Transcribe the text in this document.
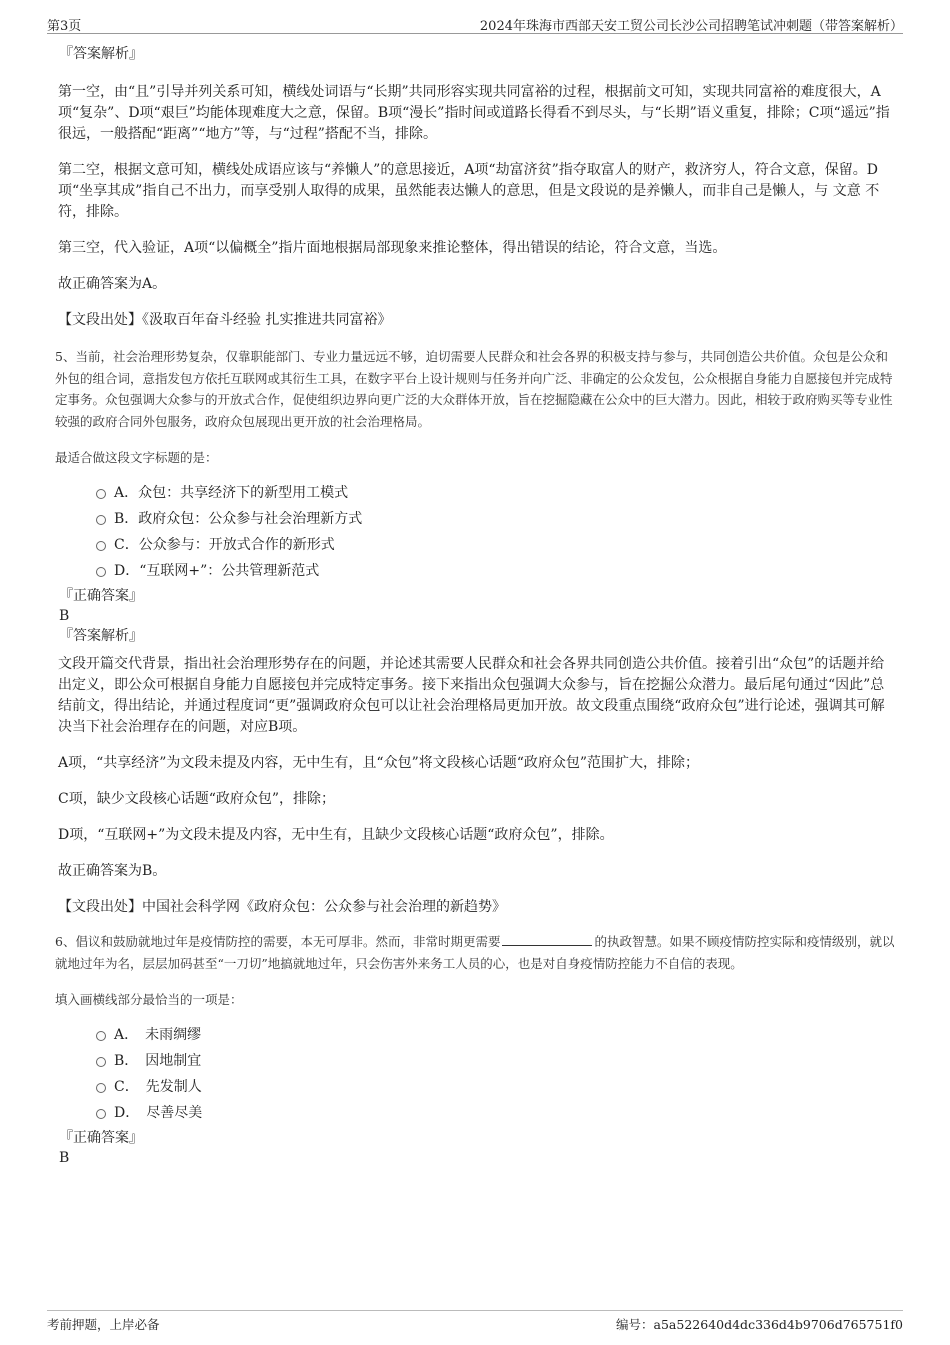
第3页	2024年珠海市西部天安工贸公司长沙公司招聘笔试冲刺题（带答案解析）
『答案解析』

第一空，由“且”引导并列关系可知，横线处词语与“长期”共同形容实现共同富裕的过程，根据前文可知，实现共同富裕的难度很大，A项“复杂”、D项“艰巨”均能体现难度大之意，保留。B项“漫长”指时间或道路长得看不到尽头，与“长期”语义重复，排除；C项“遥远”指很远，一般搭配“距离”“地方”等，与“过程”搭配不当，排除。

第二空，根据文意可知，横线处成语应该与“养懒人”的意思接近，A项“劫富济贫”指夺取富人的财产，救济穷人，符合文意，保留。D项“坐享其成”指自己不出力，而享受别人取得的成果，虽然能表达懒人的意思，但是文段说的是养懒人，而非自己是懒人，与 文意 不符，排除。

第三空，代入验证，A项“以偏概全”指片面地根据局部现象来推论整体，得出错误的结论，符合文意，当选。

故正确答案为A。

【文段出处】《汲取百年奋斗经验 扎实推进共同富裕》

5、当前，社会治理形势复杂，仅靠职能部门、专业力量远远不够，迫切需要人民群众和社会各界的积极支持与参与，共同创造公共价值。众包是公众和外包的组合词，意指发包方依托互联网或其衍生工具，在数字平台上设计规则与任务并向广泛、非确定的公众发包，公众根据自身能力自愿接包并完成特定事务。众包强调大众参与的开放式合作，促使组织边界向更广泛的大众群体开放，旨在挖掘隐藏在公众中的巨大潜力。因此，相较于政府购买等专业性较强的政府合同外包服务，政府众包展现出更开放的社会治理格局。

最适合做这段文字标题的是：

A．众包：共享经济下的新型用工模式
B．政府众包：公众参与社会治理新方式
C．公众参与：开放式合作的新形式
D．“互联网+”：公共管理新范式
『正确答案』
B
『答案解析』

文段开篇交代背景，指出社会治理形势存在的问题，并论述其需要人民群众和社会各界共同创造公共价值。接着引出“众包”的话题并给出定义，即公众可根据自身能力自愿接包并完成特定事务。接下来指出众包强调大众参与，旨在挖掘公众潜力。最后尾句通过“因此”总结前文，得出结论，并通过程度词“更”强调政府众包可以让社会治理格局更加开放。故文段重点围绕“政府众包”进行论述，强调其可解决当下社会治理存在的问题，对应B项。

A项，“共享经济”为文段未提及内容，无中生有，且“众包”将文段核心话题“政府众包”范围扩大，排除；

C项，缺少文段核心话题“政府众包”，排除；

D项，“互联网+”为文段未提及内容，无中生有，且缺少文段核心话题“政府众包”，排除。

故正确答案为B。

【文段出处】中国社会科学网《政府众包：公众参与社会治理的新趋势》

6、倡议和鼓励就地过年是疫情防控的需要，本无可厚非。然而，非常时期更需要	的执政智慧。如果不顾疫情防控实际和疫情级别，就以就地过年为名，层层加码甚至“一刀切”地搞就地过年，只会伤害外来务工人员的心，也是对自身疫情防控能力不自信的表现。

填入画横线部分最恰当的一项是：

A．　未雨绸缪
B．　因地制宜
C．　先发制人
D．　尽善尽美
『正确答案』
B
考前押题，上岸必备	编号：a5a522640d4dc336d4b9706d765751f0
